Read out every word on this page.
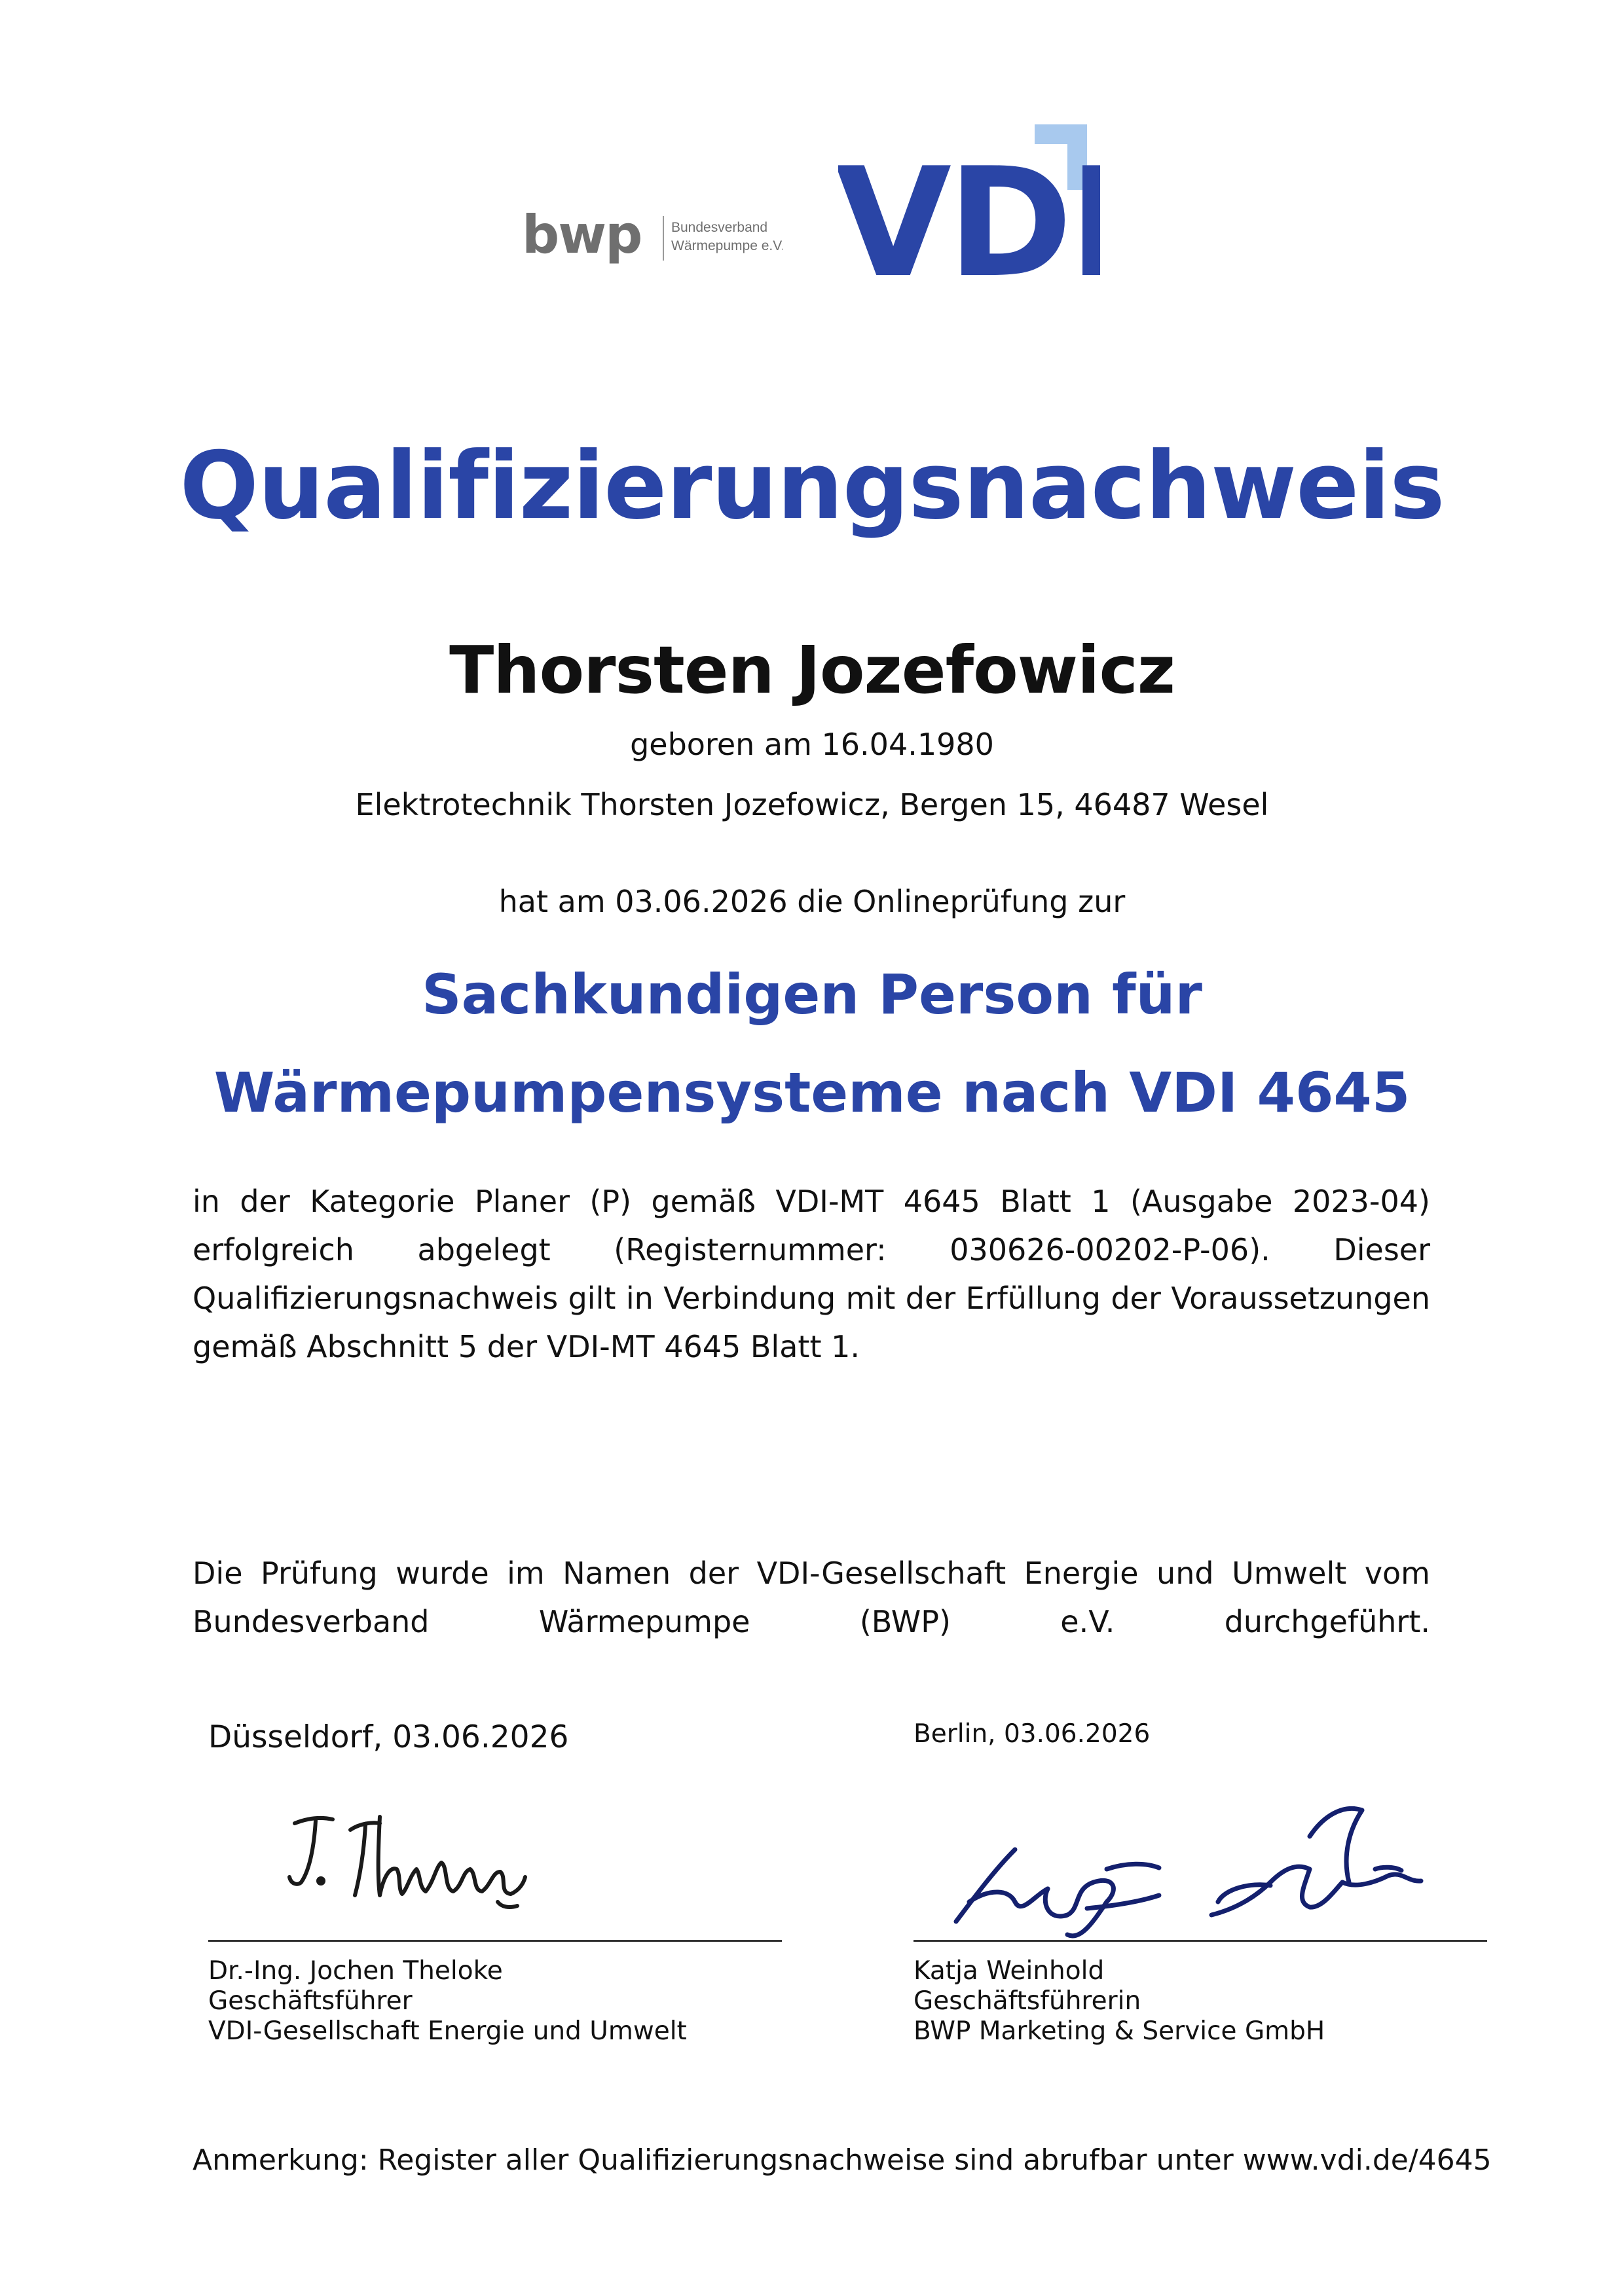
bwp Bundesverband
Wärmepumpe e.V. VDI
Qualifizierungsnachweis
Thorsten Jozefowicz
geboren am 16.04.1980
Elektrotechnik Thorsten Jozefowicz, Bergen 15, 46487 Wesel
hat am 03.06.2026 die Onlineprüfung zur
Sachkundigen Person für
Wärmepumpensysteme nach VDI 4645
in der Kategorie Planer (P) gemäß VDI-MT 4645 Blatt 1 (Ausgabe 2023-04)
erfolgreich abgelegt (Registernummer: 030626-00202-P-06). Dieser
Qualifizierungsnachweis gilt in Verbindung mit der Erfüllung der Voraussetzungen
gemäß Abschnitt 5 der VDI-MT 4645 Blatt 1.
Die Prüfung wurde im Namen der VDI-Gesellschaft Energie und Umwelt vom
Bundesverband Wärmepumpe (BWP) e.V. durchgeführt.
Düsseldorf, 03.06.2026	Berlin, 03.06.2026
Dr.-Ing. Jochen Theloke
Geschäftsführer
VDI-Gesellschaft Energie und Umwelt
Katja Weinhold
Geschäftsführerin
BWP Marketing & Service GmbH
Anmerkung: Register aller Qualifizierungsnachweise sind abrufbar unter www.vdi.de/4645
